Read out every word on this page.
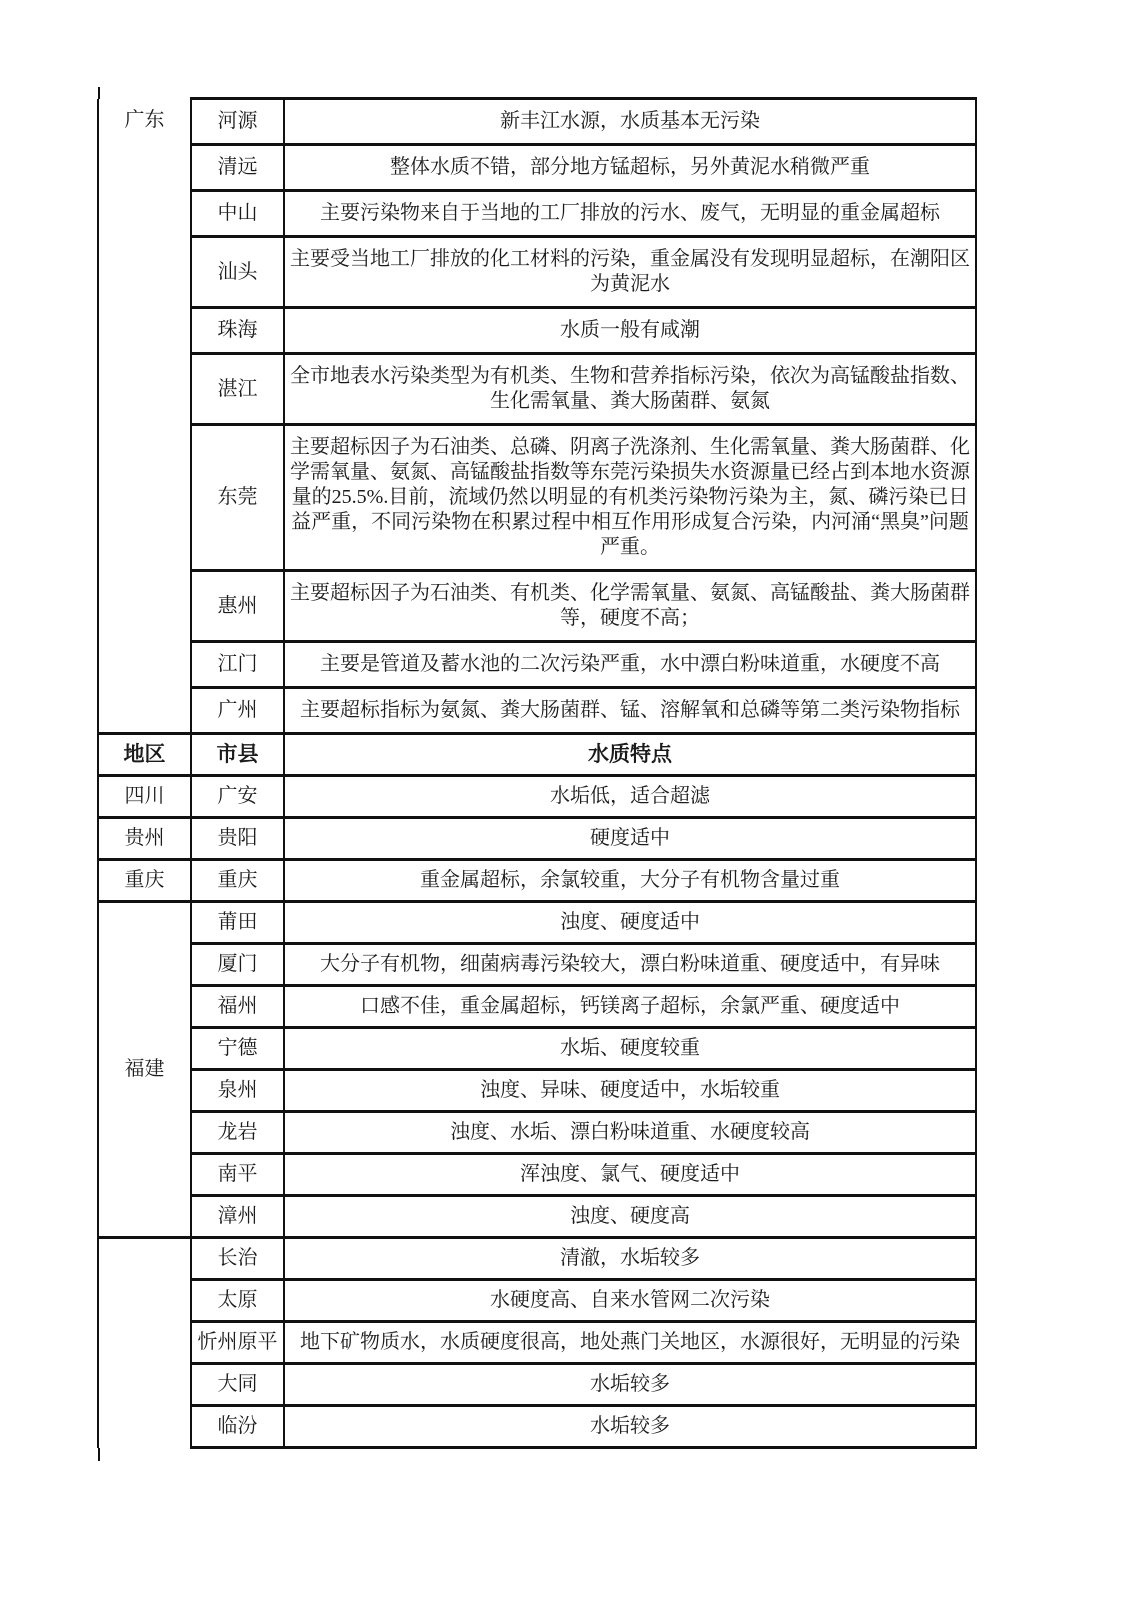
广东	河源	新丰江水源，水质基本无污染
	清远	整体水质不错，部分地方锰超标，另外黄泥水稍微严重
	中山	主要污染物来自于当地的工厂排放的污水、废气，无明显的重金属超标
	汕头	主要受当地工厂排放的化工材料的污染，重金属没有发现明显超标，在潮阳区为黄泥水
	珠海	水质一般有咸潮
	湛江	全市地表水污染类型为有机类、生物和营养指标污染，依次为高锰酸盐指数、生化需氧量、粪大肠菌群、氨氮
	东莞	主要超标因子为石油类、总磷、阴离子洗涤剂、生化需氧量、粪大肠菌群、化学需氧量、氨氮、高锰酸盐指数等东莞污染损失水资源量已经占到本地水资源量的25.5%.目前，流域仍然以明显的有机类污染物污染为主，氮、磷污染已日益严重，不同污染物在积累过程中相互作用形成复合污染，内河涌“黑臭”问题严重。
	惠州	主要超标因子为石油类、有机类、化学需氧量、氨氮、高锰酸盐、粪大肠菌群等，硬度不高；
	江门	主要是管道及蓄水池的二次污染严重，水中漂白粉味道重，水硬度不高
	广州	主要超标指标为氨氮、粪大肠菌群、锰、溶解氧和总磷等第二类污染物指标
地区	市县	水质特点
四川	广安	水垢低，适合超滤
贵州	贵阳	硬度适中
重庆	重庆	重金属超标，余氯较重，大分子有机物含量过重
福建	莆田	浊度、硬度适中
	厦门	大分子有机物，细菌病毒污染较大，漂白粉味道重、硬度适中，有异味
	福州	口感不佳，重金属超标，钙镁离子超标，余氯严重、硬度适中
	宁德	水垢、硬度较重
	泉州	浊度、异味、硬度适中，水垢较重
	龙岩	浊度、水垢、漂白粉味道重、水硬度较高
	南平	浑浊度、氯气、硬度适中
	漳州	浊度、硬度高
	长治	清澈，水垢较多
	太原	水硬度高、自来水管网二次污染
	忻州原平	地下矿物质水，水质硬度很高，地处燕门关地区，水源很好，无明显的污染
	大同	水垢较多
	临汾	水垢较多
